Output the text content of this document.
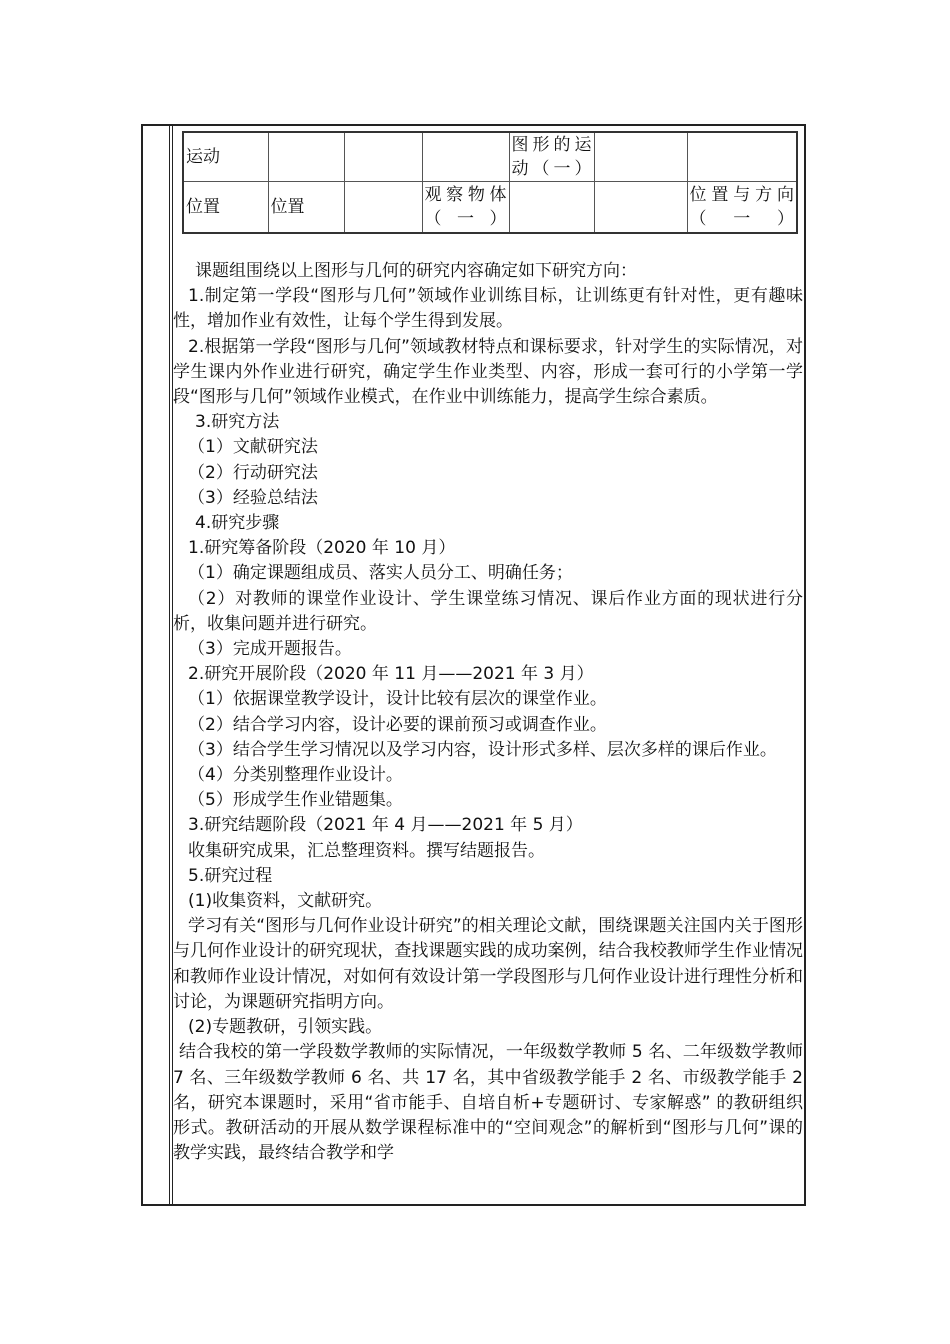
运动				图形的运动（一）		
位置	位置		观察物体（一）			位置与方向（一）

课题组围绕以上图形与几何的研究内容确定如下研究方向：

1.制定第一学段“图形与几何”领域作业训练目标，让训练更有针对性，更有趣味性，增加作业有效性，让每个学生得到发展。

2.根据第一学段“图形与几何”领域教材特点和课标要求，针对学生的实际情况，对学生课内外作业进行研究，确定学生作业类型、内容，形成一套可行的小学第一学段“图形与几何”领域作业模式，在作业中训练能力，提高学生综合素质。

3.研究方法

（1）文献研究法

（2）行动研究法

（3）经验总结法

4.研究步骤

1.研究筹备阶段（2020 年 10 月）

（1）确定课题组成员、落实人员分工、明确任务；

（2）对教师的课堂作业设计、学生课堂练习情况、课后作业方面的现状进行分析，收集问题并进行研究。

（3）完成开题报告。

2.研究开展阶段（2020 年 11 月——2021 年 3 月）

（1）依据课堂教学设计，设计比较有层次的课堂作业。

（2）结合学习内容，设计必要的课前预习或调查作业。

（3）结合学生学习情况以及学习内容，设计形式多样、层次多样的课后作业。

（4）分类别整理作业设计。

（5）形成学生作业错题集。

3.研究结题阶段（2021 年 4 月——2021 年 5 月）

收集研究成果，汇总整理资料。撰写结题报告。

5.研究过程

(1)收集资料，文献研究。

学习有关“图形与几何作业设计研究”的相关理论文献，围绕课题关注国内关于图形与几何作业设计的研究现状，查找课题实践的成功案例，结合我校教师学生作业情况和教师作业设计情况，对如何有效设计第一学段图形与几何作业设计进行理性分析和讨论，为课题研究指明方向。

(2)专题教研，引领实践。

结合我校的第一学段数学教师的实际情况，一年级数学教师 5 名、二年级数学教师 7 名、三年级数学教师 6 名、共 17 名，其中省级教学能手 2 名、市级教学能手 2 名，研究本课题时，采用“省市能手、自培自析+专题研讨、专家解惑” 的教研组织形式。教研活动的开展从数学课程标准中的“空间观念”的解析到“图形与几何”课的教学实践，最终结合教学和学
